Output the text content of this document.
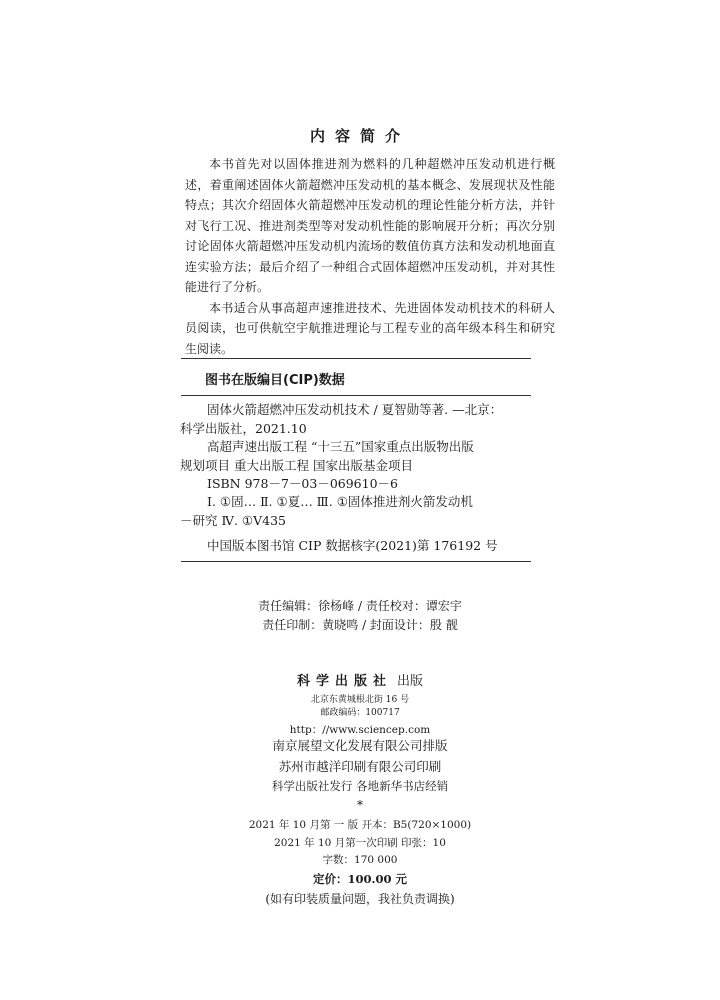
内容简介

本书首先对以固体推进剂为燃料的几种超燃冲压发动机进行概述，着重阐述固体火箭超燃冲压发动机的基本概念、发展现状及性能特点；其次介绍固体火箭超燃冲压发动机的理论性能分析方法，并针对飞行工况、推进剂类型等对发动机性能的影响展开分析；再次分别讨论固体火箭超燃冲压发动机内流场的数值仿真方法和发动机地面直连实验方法；最后介绍了一种组合式固体超燃冲压发动机，并对其性能进行了分析。

本书适合从事高超声速推进技术、先进固体发动机技术的科研人员阅读，也可供航空宇航推进理论与工程专业的高年级本科生和研究生阅读。

图书在版编目(CIP)数据
固体火箭超燃冲压发动机技术 / 夏智勋等著. —北京：
科学出版社，2021.10
高超声速出版工程 “十三五”国家重点出版物出版
规划项目 重大出版工程 国家出版基金项目
ISBN 978－7－03－069610－6
Ⅰ. ①固… Ⅱ. ①夏… Ⅲ. ①固体推进剂火箭发动机
－研究 Ⅳ. ①V435
中国版本图书馆 CIP 数据核字(2021)第 176192 号
责任编辑：徐杨峰 / 责任校对：谭宏宇
责任印制：黄晓鸣 / 封面设计：殷 靓
科学出版社 出版
北京东黄城根北街 16 号
邮政编码：100717
http：//www.sciencep.com
南京展望文化发展有限公司排版
苏州市越洋印刷有限公司印刷
科学出版社发行 各地新华书店经销
*
2021 年 10 月第 一 版 开本：B5(720×1000)
2021 年 10 月第一次印刷 印张：10
字数：170 000
定价：100.00 元
(如有印装质量问题，我社负责调换)
